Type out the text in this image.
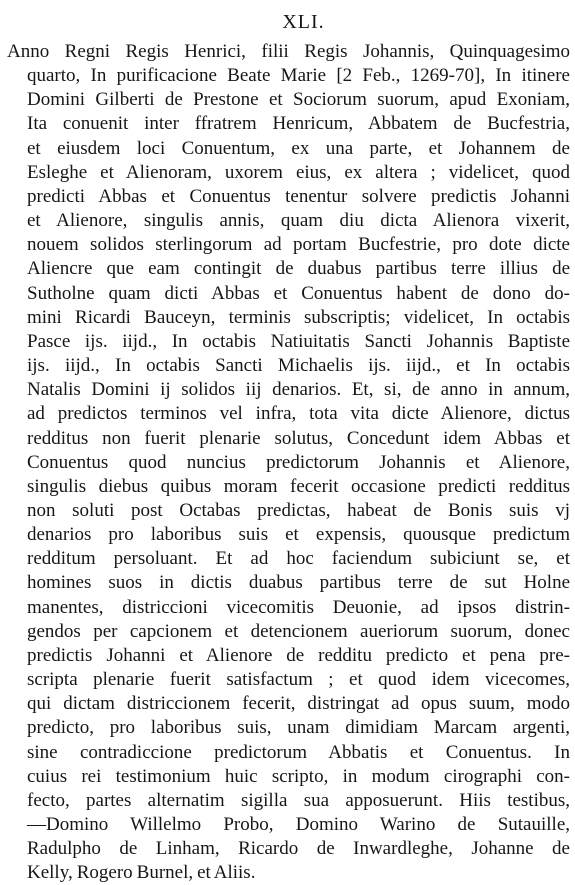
XLI.
Anno Regni Regis Henrici, filii Regis Johannis, Quinquagesimo
quarto, In purificacione Beate Marie [2 Feb., 1269-70], In itinere
Domini Gilberti de Prestone et Sociorum suorum, apud Exoniam,
Ita conuenit inter ffratrem Henricum, Abbatem de Bucfestria,
et eiusdem loci Conuentum, ex una parte, et Johannem de
Esleghe et Alienoram, uxorem eius, ex altera ; videlicet, quod
predicti Abbas et Conuentus tenentur solvere predictis Johanni
et Alienore, singulis annis, quam diu dicta Alienora vixerit,
nouem solidos sterlingorum ad portam Bucfestrie, pro dote dicte
Aliencre que eam contingit de duabus partibus terre illius de
Sutholne quam dicti Abbas et Conuentus habent de dono do-
mini Ricardi Bauceyn, terminis subscriptis; videlicet, In octabis
Pasce ijs. iijd., In octabis Natiuitatis Sancti Johannis Baptiste
ijs. iijd., In octabis Sancti Michaelis ijs. iijd., et In octabis
Natalis Domini ij solidos iij denarios. Et, si, de anno in annum,
ad predictos terminos vel infra, tota vita dicte Alienore, dictus
redditus non fuerit plenarie solutus, Concedunt idem Abbas et
Conuentus quod nuncius predictorum Johannis et Alienore,
singulis diebus quibus moram fecerit occasione predicti redditus
non soluti post Octabas predictas, habeat de Bonis suis vj
denarios pro laboribus suis et expensis, quousque predictum
redditum persoluant. Et ad hoc faciendum subiciunt se, et
homines suos in dictis duabus partibus terre de sut Holne
manentes, districcioni vicecomitis Deuonie, ad ipsos distrin-
gendos per capcionem et detencionem aueriorum suorum, donec
predictis Johanni et Alienore de redditu predicto et pena pre-
scripta plenarie fuerit satisfactum ; et quod idem vicecomes,
qui dictam districcionem fecerit, distringat ad opus suum, modo
predicto, pro laboribus suis, unam dimidiam Marcam argenti,
sine contradiccione predictorum Abbatis et Conuentus. In
cuius rei testimonium huic scripto, in modum cirographi con-
fecto, partes alternatim sigilla sua apposuerunt. Hiis testibus,
—Domino Willelmo Probo, Domino Warino de Sutauille,
Radulpho de Linham, Ricardo de Inwardleghe, Johanne de
Kelly, Rogero Burnel, et Aliis.
